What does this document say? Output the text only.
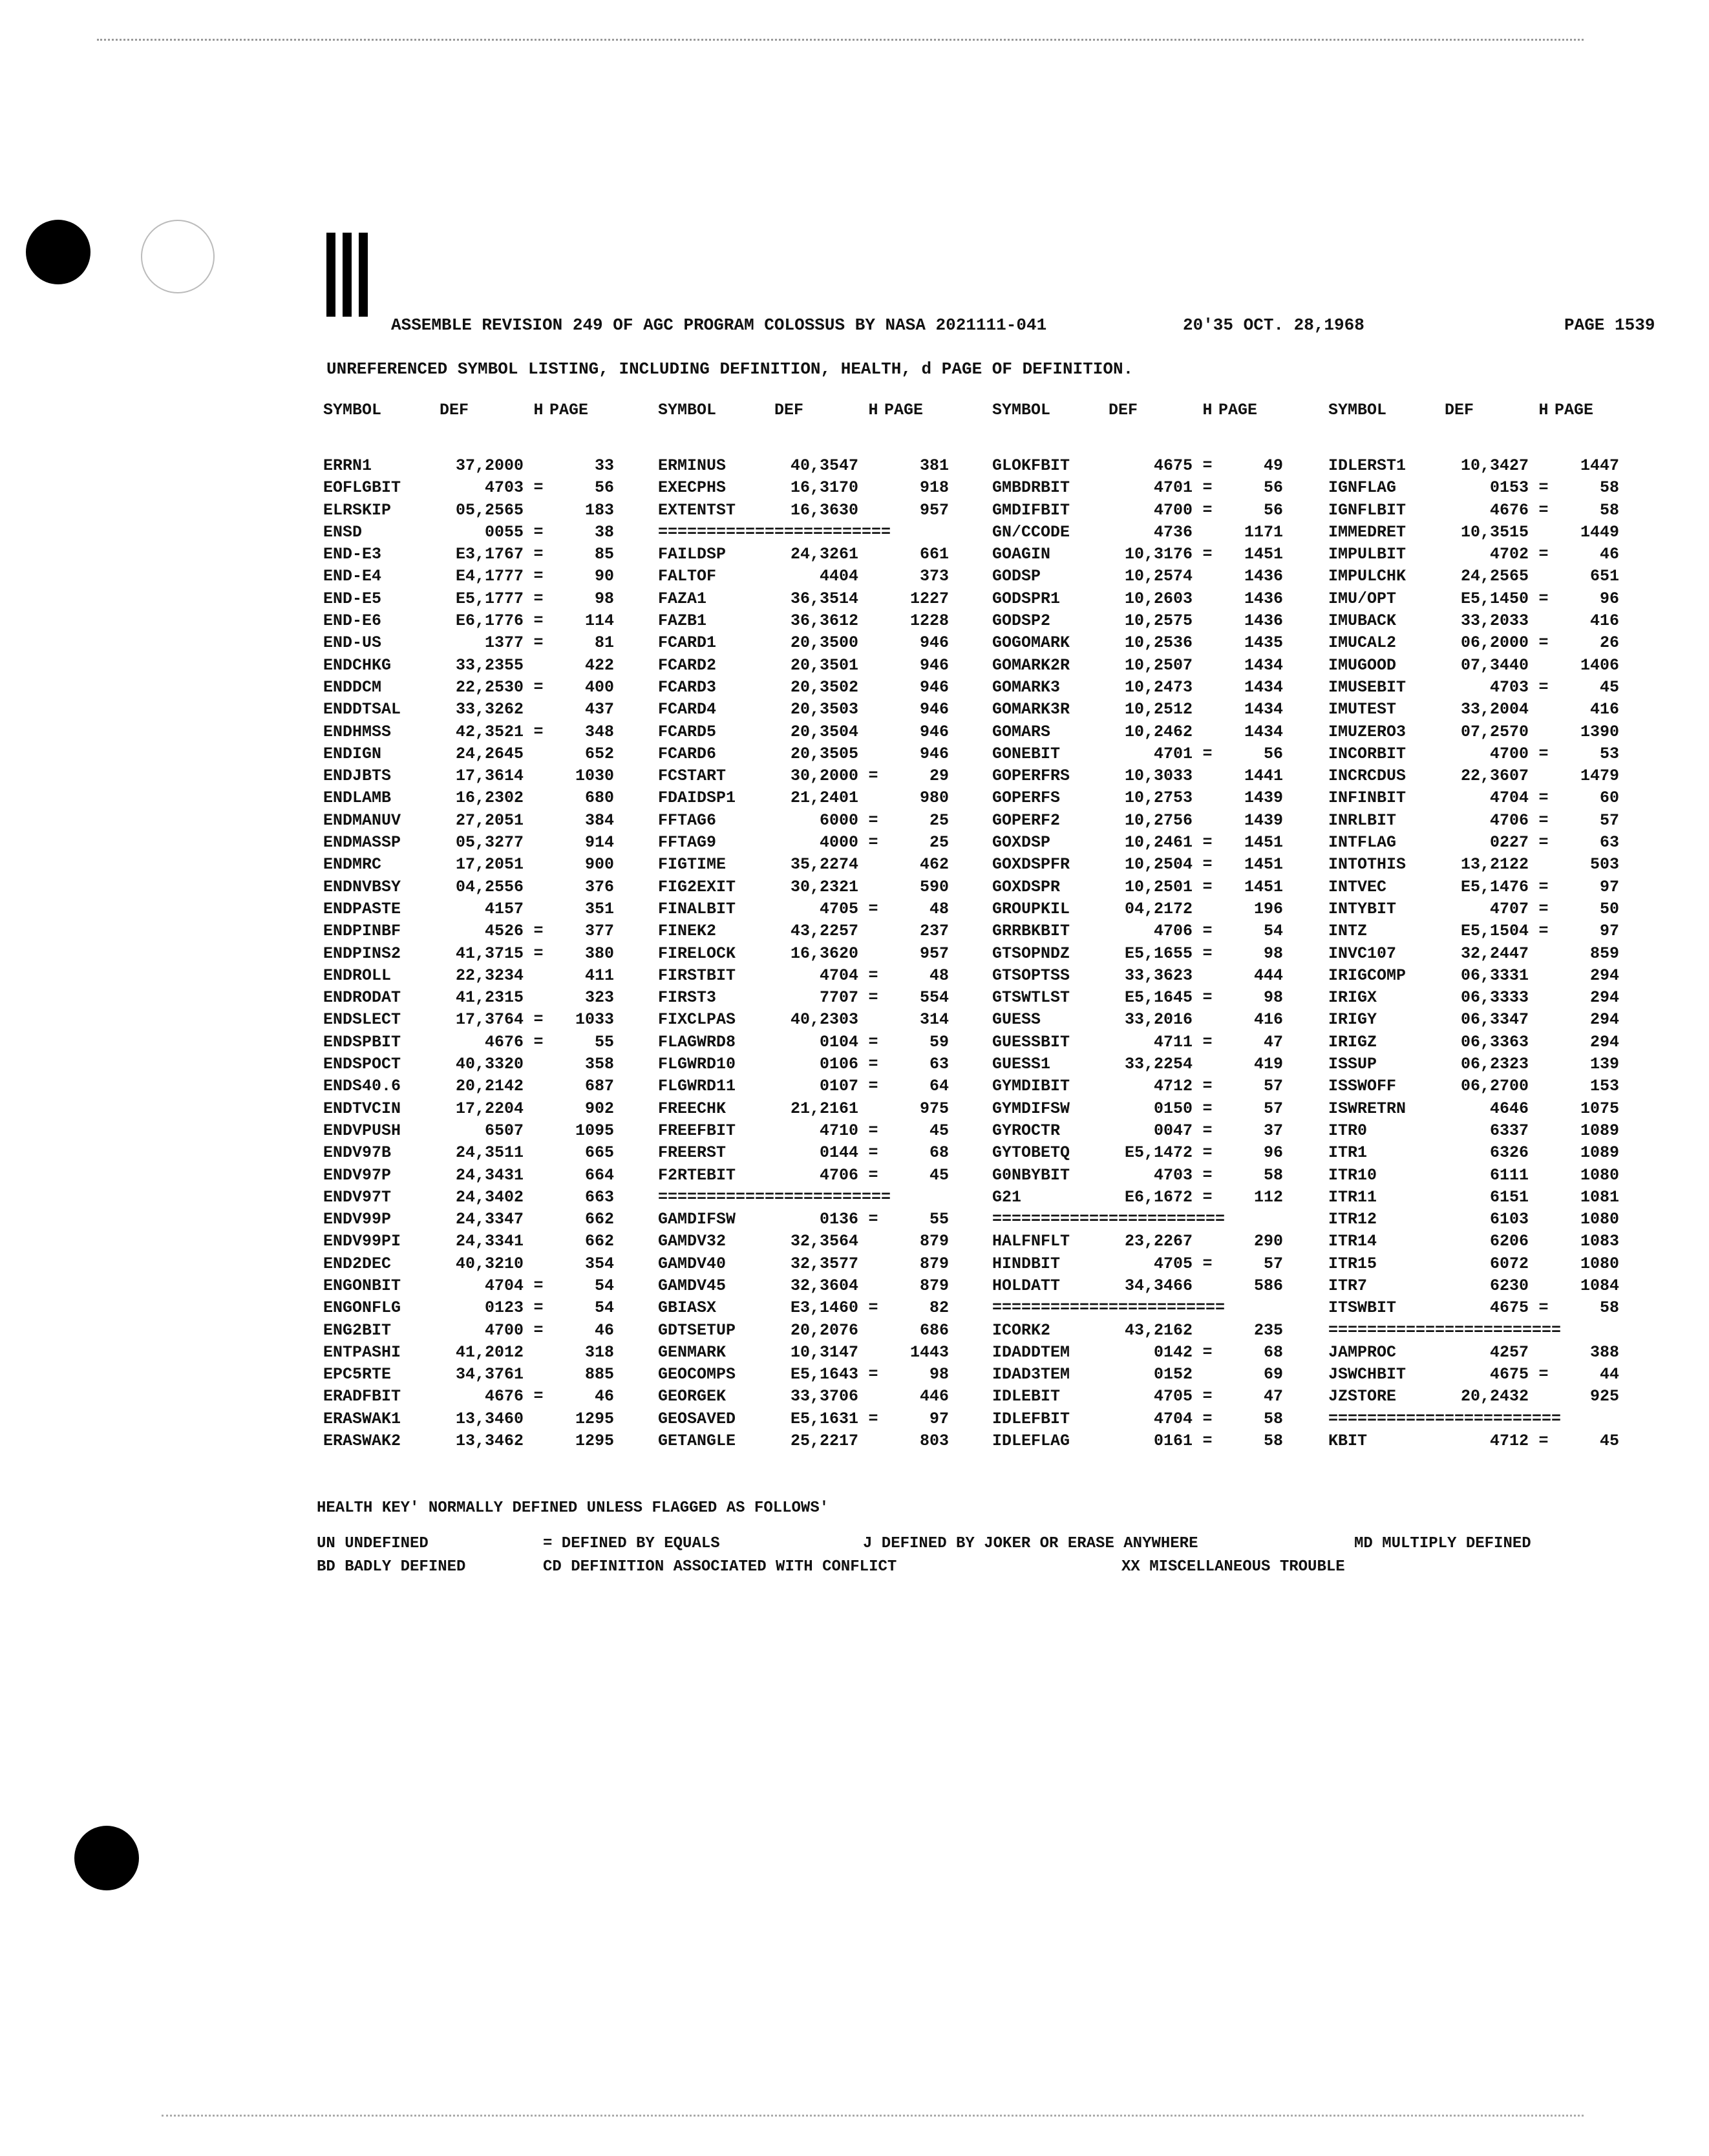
ASSEMBLE REVISION 249 OF AGC PROGRAM COLOSSUS BY NASA 2021111-041	20'35 OCT. 28,1968	PAGE 1539
UNREFERENCED SYMBOL LISTING, INCLUDING DEFINITION, HEALTH, d PAGE OF DEFINITION.
SYMBOL	DEF	H PAGE
ERRN1	37,2000	33
EOFLGBIT	4703 =	56
ELRSKIP	05,2565	183
ENSD	0055 =	38
END-E3	E3,1767 =	85
END-E4	E4,1777 =	90
END-E5	E5,1777 =	98
END-E6	E6,1776 =	114
END-US	1377 =	81
ENDCHKG	33,2355	422
ENDDCM	22,2530 =	400
ENDDTSAL	33,3262	437
ENDHMSS	42,3521 =	348
ENDIGN	24,2645	652
ENDJBTS	17,3614	1030
ENDLAMB	16,2302	680
ENDMANUV	27,2051	384
ENDMASSP	05,3277	914
ENDMRC	17,2051	900
ENDNVBSY	04,2556	376
ENDPASTE	4157	351
ENDPINBF	4526 =	377
ENDPINS2	41,3715 =	380
ENDROLL	22,3234	411
ENDRODAT	41,2315	323
ENDSLECT	17,3764 =	1033
ENDSPBIT	4676 =	55
ENDSPOCT	40,3320	358
ENDS40.6	20,2142	687
ENDTVCIN	17,2204	902
ENDVPUSH	6507	1095
ENDV97B	24,3511	665
ENDV97P	24,3431	664
ENDV97T	24,3402	663
ENDV99P	24,3347	662
ENDV99PI	24,3341	662
END2DEC	40,3210	354
ENGONBIT	4704 =	54
ENGONFLG	0123 =	54
ENG2BIT	4700 =	46
ENTPASHI	41,2012	318
EPC5RTE	34,3761	885
ERADFBIT	4676 =	46
ERASWAK1	13,3460	1295
ERASWAK2	13,3462	1295
SYMBOL	DEF	H PAGE
ERMINUS	40,3547	381
EXECPHS	16,3170	918
EXTENTST	16,3630	957
========================
FAILDSP	24,3261	661
FALTOF	4404	373
FAZA1	36,3514	1227
FAZB1	36,3612	1228
FCARD1	20,3500	946
FCARD2	20,3501	946
FCARD3	20,3502	946
FCARD4	20,3503	946
FCARD5	20,3504	946
FCARD6	20,3505	946
FCSTART	30,2000 =	29
FDAIDSP1	21,2401	980
FFTAG6	6000 =	25
FFTAG9	4000 =	25
FIGTIME	35,2274	462
FIG2EXIT	30,2321	590
FINALBIT	4705 =	48
FINEK2	43,2257	237
FIRELOCK	16,3620	957
FIRSTBIT	4704 =	48
FIRST3	7707 =	554
FIXCLPAS	40,2303	314
FLAGWRD8	0104 =	59
FLGWRD10	0106 =	63
FLGWRD11	0107 =	64
FREECHK	21,2161	975
FREEFBIT	4710 =	45
FREERST	0144 =	68
F2RTEBIT	4706 =	45
========================
GAMDIFSW	0136 =	55
GAMDV32	32,3564	879
GAMDV40	32,3577	879
GAMDV45	32,3604	879
GBIASX	E3,1460 =	82
GDTSETUP	20,2076	686
GENMARK	10,3147	1443
GEOCOMPS	E5,1643 =	98
GEORGEK	33,3706	446
GEOSAVED	E5,1631 =	97
GETANGLE	25,2217	803
SYMBOL	DEF	H PAGE
GLOKFBIT	4675 =	49
GMBDRBIT	4701 =	56
GMDIFBIT	4700 =	56
GN/CCODE	4736	1171
GOAGIN	10,3176 =	1451
GODSP	10,2574	1436
GODSPR1	10,2603	1436
GODSP2	10,2575	1436
GOGOMARK	10,2536	1435
GOMARK2R	10,2507	1434
GOMARK3	10,2473	1434
GOMARK3R	10,2512	1434
GOMARS	10,2462	1434
GONEBIT	4701 =	56
GOPERFRS	10,3033	1441
GOPERFS	10,2753	1439
GOPERF2	10,2756	1439
GOXDSP	10,2461 =	1451
GOXDSPFR	10,2504 =	1451
GOXDSPR	10,2501 =	1451
GROUPKIL	04,2172	196
GRRBKBIT	4706 =	54
GTSOPNDZ	E5,1655 =	98
GTSOPTSS	33,3623	444
GTSWTLST	E5,1645 =	98
GUESS	33,2016	416
GUESSBIT	4711 =	47
GUESS1	33,2254	419
GYMDIBIT	4712 =	57
GYMDIFSW	0150 =	57
GYROCTR	0047 =	37
GYTOBETQ	E5,1472 =	96
G0NBYBIT	4703 =	58
G21	E6,1672 =	112
========================
HALFNFLT	23,2267	290
HINDBIT	4705 =	57
HOLDATT	34,3466	586
========================
ICORK2	43,2162	235
IDADDTEM	0142 =	68
IDAD3TEM	0152	69
IDLEBIT	4705 =	47
IDLEFBIT	4704 =	58
IDLEFLAG	0161 =	58
SYMBOL	DEF	H PAGE
IDLERST1	10,3427	1447
IGNFLAG	0153 =	58
IGNFLBIT	4676 =	58
IMMEDRET	10,3515	1449
IMPULBIT	4702 =	46
IMPULCHK	24,2565	651
IMU/OPT	E5,1450 =	96
IMUBACK	33,2033	416
IMUCAL2	06,2000 =	26
IMUGOOD	07,3440	1406
IMUSEBIT	4703 =	45
IMUTEST	33,2004	416
IMUZERO3	07,2570	1390
INCORBIT	4700 =	53
INCRCDUS	22,3607	1479
INFINBIT	4704 =	60
INRLBIT	4706 =	57
INTFLAG	0227 =	63
INTOTHIS	13,2122	503
INTVEC	E5,1476 =	97
INTYBIT	4707 =	50
INTZ	E5,1504 =	97
INVC107	32,2447	859
IRIGCOMP	06,3331	294
IRIGX	06,3333	294
IRIGY	06,3347	294
IRIGZ	06,3363	294
ISSUP	06,2323	139
ISSWOFF	06,2700	153
ISWRETRN	4646	1075
ITR0	6337	1089
ITR1	6326	1089
ITR10	6111	1080
ITR11	6151	1081
ITR12	6103	1080
ITR14	6206	1083
ITR15	6072	1080
ITR7	6230	1084
ITSWBIT	4675 =	58
========================
JAMPROC	4257	388
JSWCHBIT	4675 =	44
JZSTORE	20,2432	925
========================
KBIT	4712 =	45
HEALTH KEY' NORMALLY DEFINED UNLESS FLAGGED AS FOLLOWS'
UN UNDEFINED	= DEFINED BY EQUALS	J DEFINED BY JOKER OR ERASE ANYWHERE	MD MULTIPLY DEFINED
BD BADLY DEFINED	CD DEFINITION ASSOCIATED WITH CONFLICT	XX MISCELLANEOUS TROUBLE
